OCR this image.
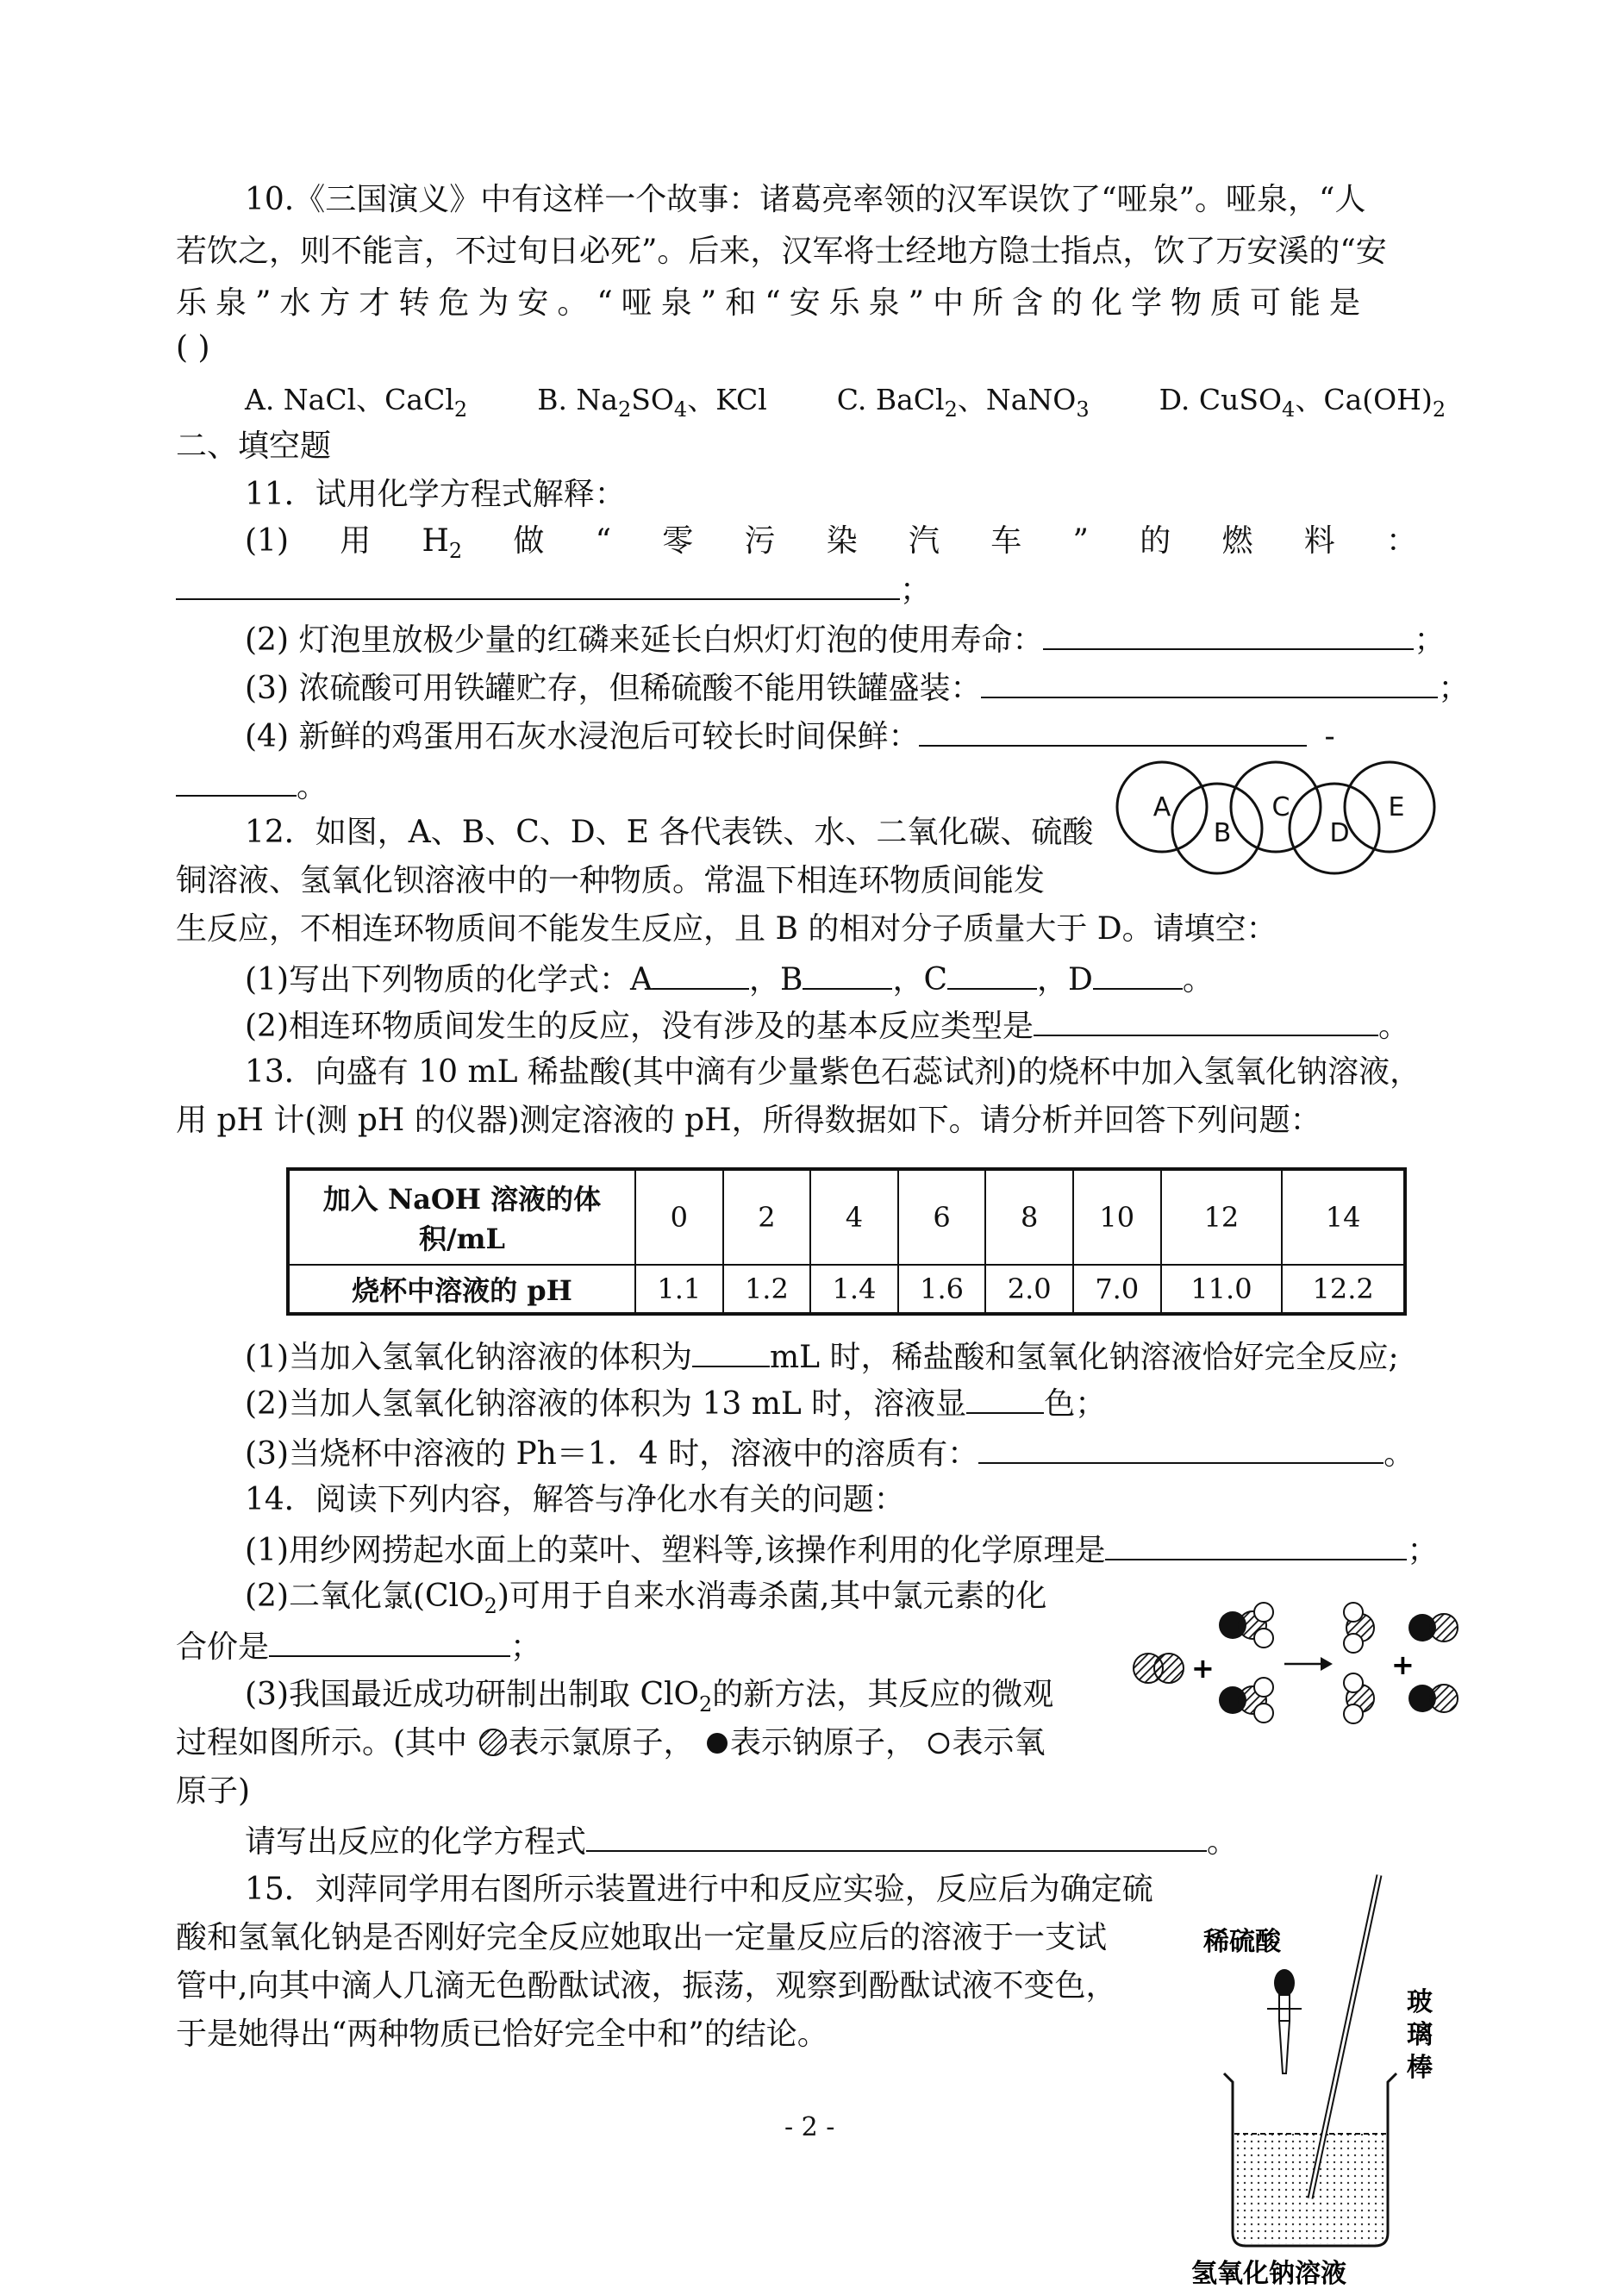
10.《三国演义》中有这样一个故事：诸葛亮率领的汉军误饮了“哑泉”。哑泉，“人
若饮之，则不能言，不过旬日必死”。后来，汉军将士经地方隐士指点，饮了万安溪的“安
乐泉”水方才转危为安。“哑泉”和“安乐泉”中所含的化学物质可能是
( )
A. NaCl、CaCl$_2$ B. $Na_2SO_4$、KCl C. BaCl$_2$、NaNO$_3$ D. CuSO$_4$、$Ca(OH)_2$
二、填空题
11．试用化学方程式解释：
(1) 用 $H_2$ 做 “ 零 污 染 汽 车 ” 的 燃 料 ：
；
(2) 灯泡里放极少量的红磷来延长白炽灯灯泡的使用寿命：	；
(3) 浓硫酸可用铁罐贮存，但稀硫酸不能用铁罐盛装：	；
(4) 新鲜的鸡蛋用石灰水浸泡后可较长时间保鲜：	-
。
A
B
C
D
E
12．如图，A、B、C、D、E 各代表铁、水、二氧化碳、硫酸
铜溶液、氢氧化钡溶液中的一种物质。常温下相连环物质间能发
生反应，不相连环物质间不能发生反应，且 B 的相对分子质量大于 D。请填空：
(1)写出下列物质的化学式：A	，B	，C	，D	。
(2)相连环物质间发生的反应，没有涉及的基本反应类型是	。
13．向盛有 10 mL 稀盐酸(其中滴有少量紫色石蕊试剂)的烧杯中加入氢氧化钠溶液，
用 pH 计(测 pH 的仪器)测定溶液的 pH，所得数据如下。请分析并回答下列问题：
加入 NaOH 溶液的体积/mL	0	2	4	6	8	10	12	14
烧杯中溶液的 pH	1.1	1.2	1.4	1.6	2.0	7.0	11.0	12.2
(1)当加入氢氧化钠溶液的体积为	mL 时，稀盐酸和氢氧化钠溶液恰好完全反应;
(2)当加人氢氧化钠溶液的体积为 13 mL 时，溶液显	色；
(3)当烧杯中溶液的 Ph＝1．4 时，溶液中的溶质有：	。
14．阅读下列内容，解答与净化水有关的问题：
(1)用纱网捞起水面上的菜叶、塑料等,该操作利用的化学原理是	；
(2)二氧化氯(ClO$_2$)可用于自来水消毒杀菌,其中氯元素的化
合价是	；
(3)我国最近成功研制出制取 ClO$_2$的新方法，其反应的微观
过程如图所示。(其中 表示氯原子， 表示钠原子， 表示氧
原子)
请写出反应的化学方程式	。
+	+
15．刘萍同学用右图所示装置进行中和反应实验，反应后为确定硫
酸和氢氧化钠是否刚好完全反应她取出一定量反应后的溶液于一支试
管中,向其中滴人几滴无色酚酞试液，振荡，观察到酚酞试液不变色，
于是她得出“两种物质已恰好完全中和”的结论。
稀硫酸
玻
璃
棒
氢氧化钠溶液
- 2 -
